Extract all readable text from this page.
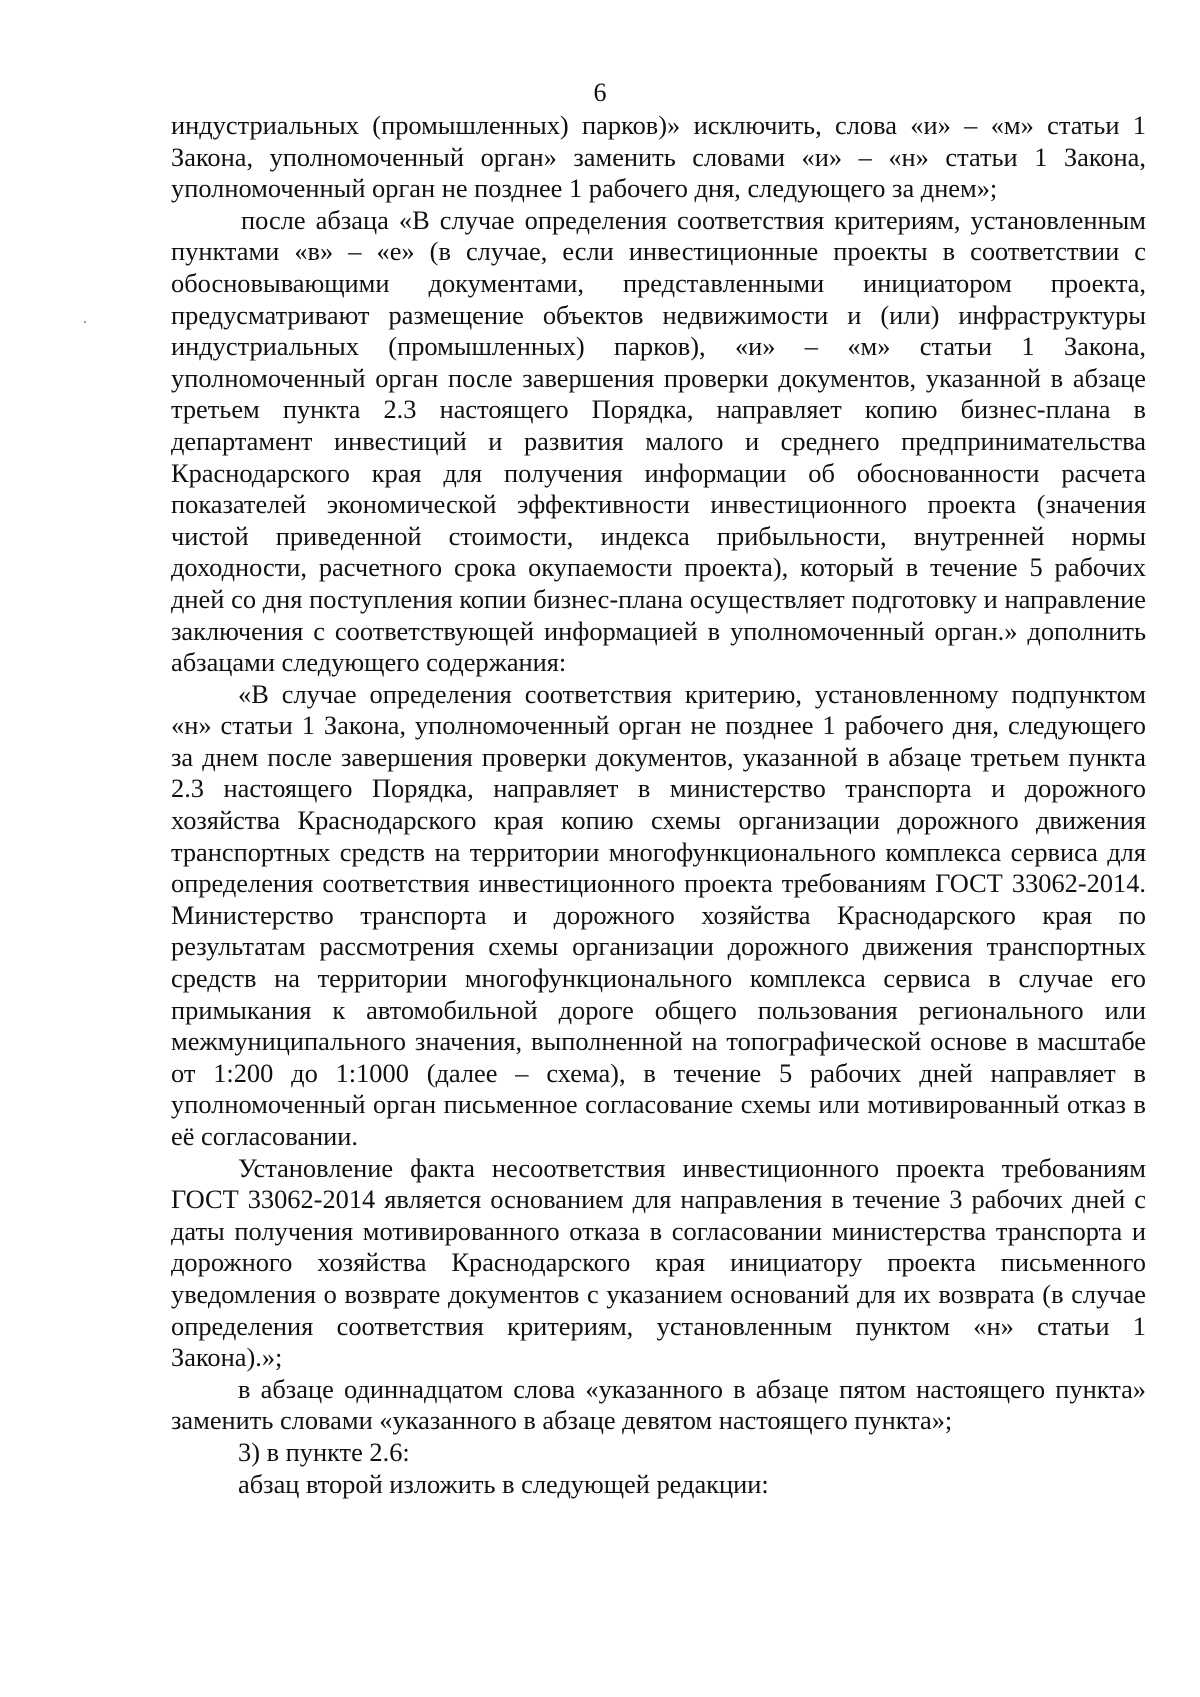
6

индустриальных (промышленных) парков)» исключить, слова «и» – «м» статьи 1 Закона, уполномоченный орган» заменить словами «и» – «н» статьи 1 Закона, уполномоченный орган не позднее 1 рабочего дня, следующего за днем»;

после абзаца «В случае определения соответствия критериям, установленным пунктами «в» – «е» (в случае, если инвестиционные проекты в соответствии с обосновывающими документами, представленными инициатором проекта, предусматривают размещение объектов недвижимости и (или) инфраструктуры индустриальных (промышленных) парков), «и» – «м» статьи 1 Закона, уполномоченный орган после завершения проверки документов, указанной в абзаце третьем пункта 2.3 настоящего Порядка, направляет копию бизнес-плана в департамент инвестиций и развития малого и среднего предпринимательства Краснодарского края для получения информации об обоснованности расчета показателей экономической эффективности инвестиционного проекта (значения чистой приведенной стоимости, индекса прибыльности, внутренней нормы доходности, расчетного срока окупаемости проекта), который в течение 5 рабочих дней со дня поступления копии бизнес-плана осуществляет подготовку и направление заключения с соответствующей информацией в уполномоченный орган.» дополнить абзацами следующего содержания:

«В случае определения соответствия критерию, установленному подпунктом «н» статьи 1 Закона, уполномоченный орган не позднее 1 рабочего дня, следующего за днем после завершения проверки документов, указанной в абзаце третьем пункта 2.3 настоящего Порядка, направляет в министерство транспорта и дорожного хозяйства Краснодарского края копию схемы организации дорожного движения транспортных средств на территории многофункционального комплекса сервиса для определения соответствия инвестиционного проекта требованиям ГОСТ 33062-2014. Министерство транспорта и дорожного хозяйства Краснодарского края по результатам рассмотрения схемы организации дорожного движения транспортных средств на территории многофункционального комплекса сервиса в случае его примыкания к автомобильной дороге общего пользования регионального или межмуниципального значения, выполненной на топографической основе в масштабе от 1:200 до 1:1000 (далее – схема), в течение 5 рабочих дней направляет в уполномоченный орган письменное согласование схемы или мотивированный отказ в её согласовании.

Установление факта несоответствия инвестиционного проекта требованиям ГОСТ 33062-2014 является основанием для направления в течение 3 рабочих дней с даты получения мотивированного отказа в согласовании министерства транспорта и дорожного хозяйства Краснодарского края инициатору проекта письменного уведомления о возврате документов с указанием оснований для их возврата (в случае определения соответствия критериям, установленным пунктом «н» статьи 1 Закона).»;

в абзаце одиннадцатом слова «указанного в абзаце пятом настоящего пункта» заменить словами «указанного в абзаце девятом настоящего пункта»;

3) в пункте 2.6:

абзац второй изложить в следующей редакции:
